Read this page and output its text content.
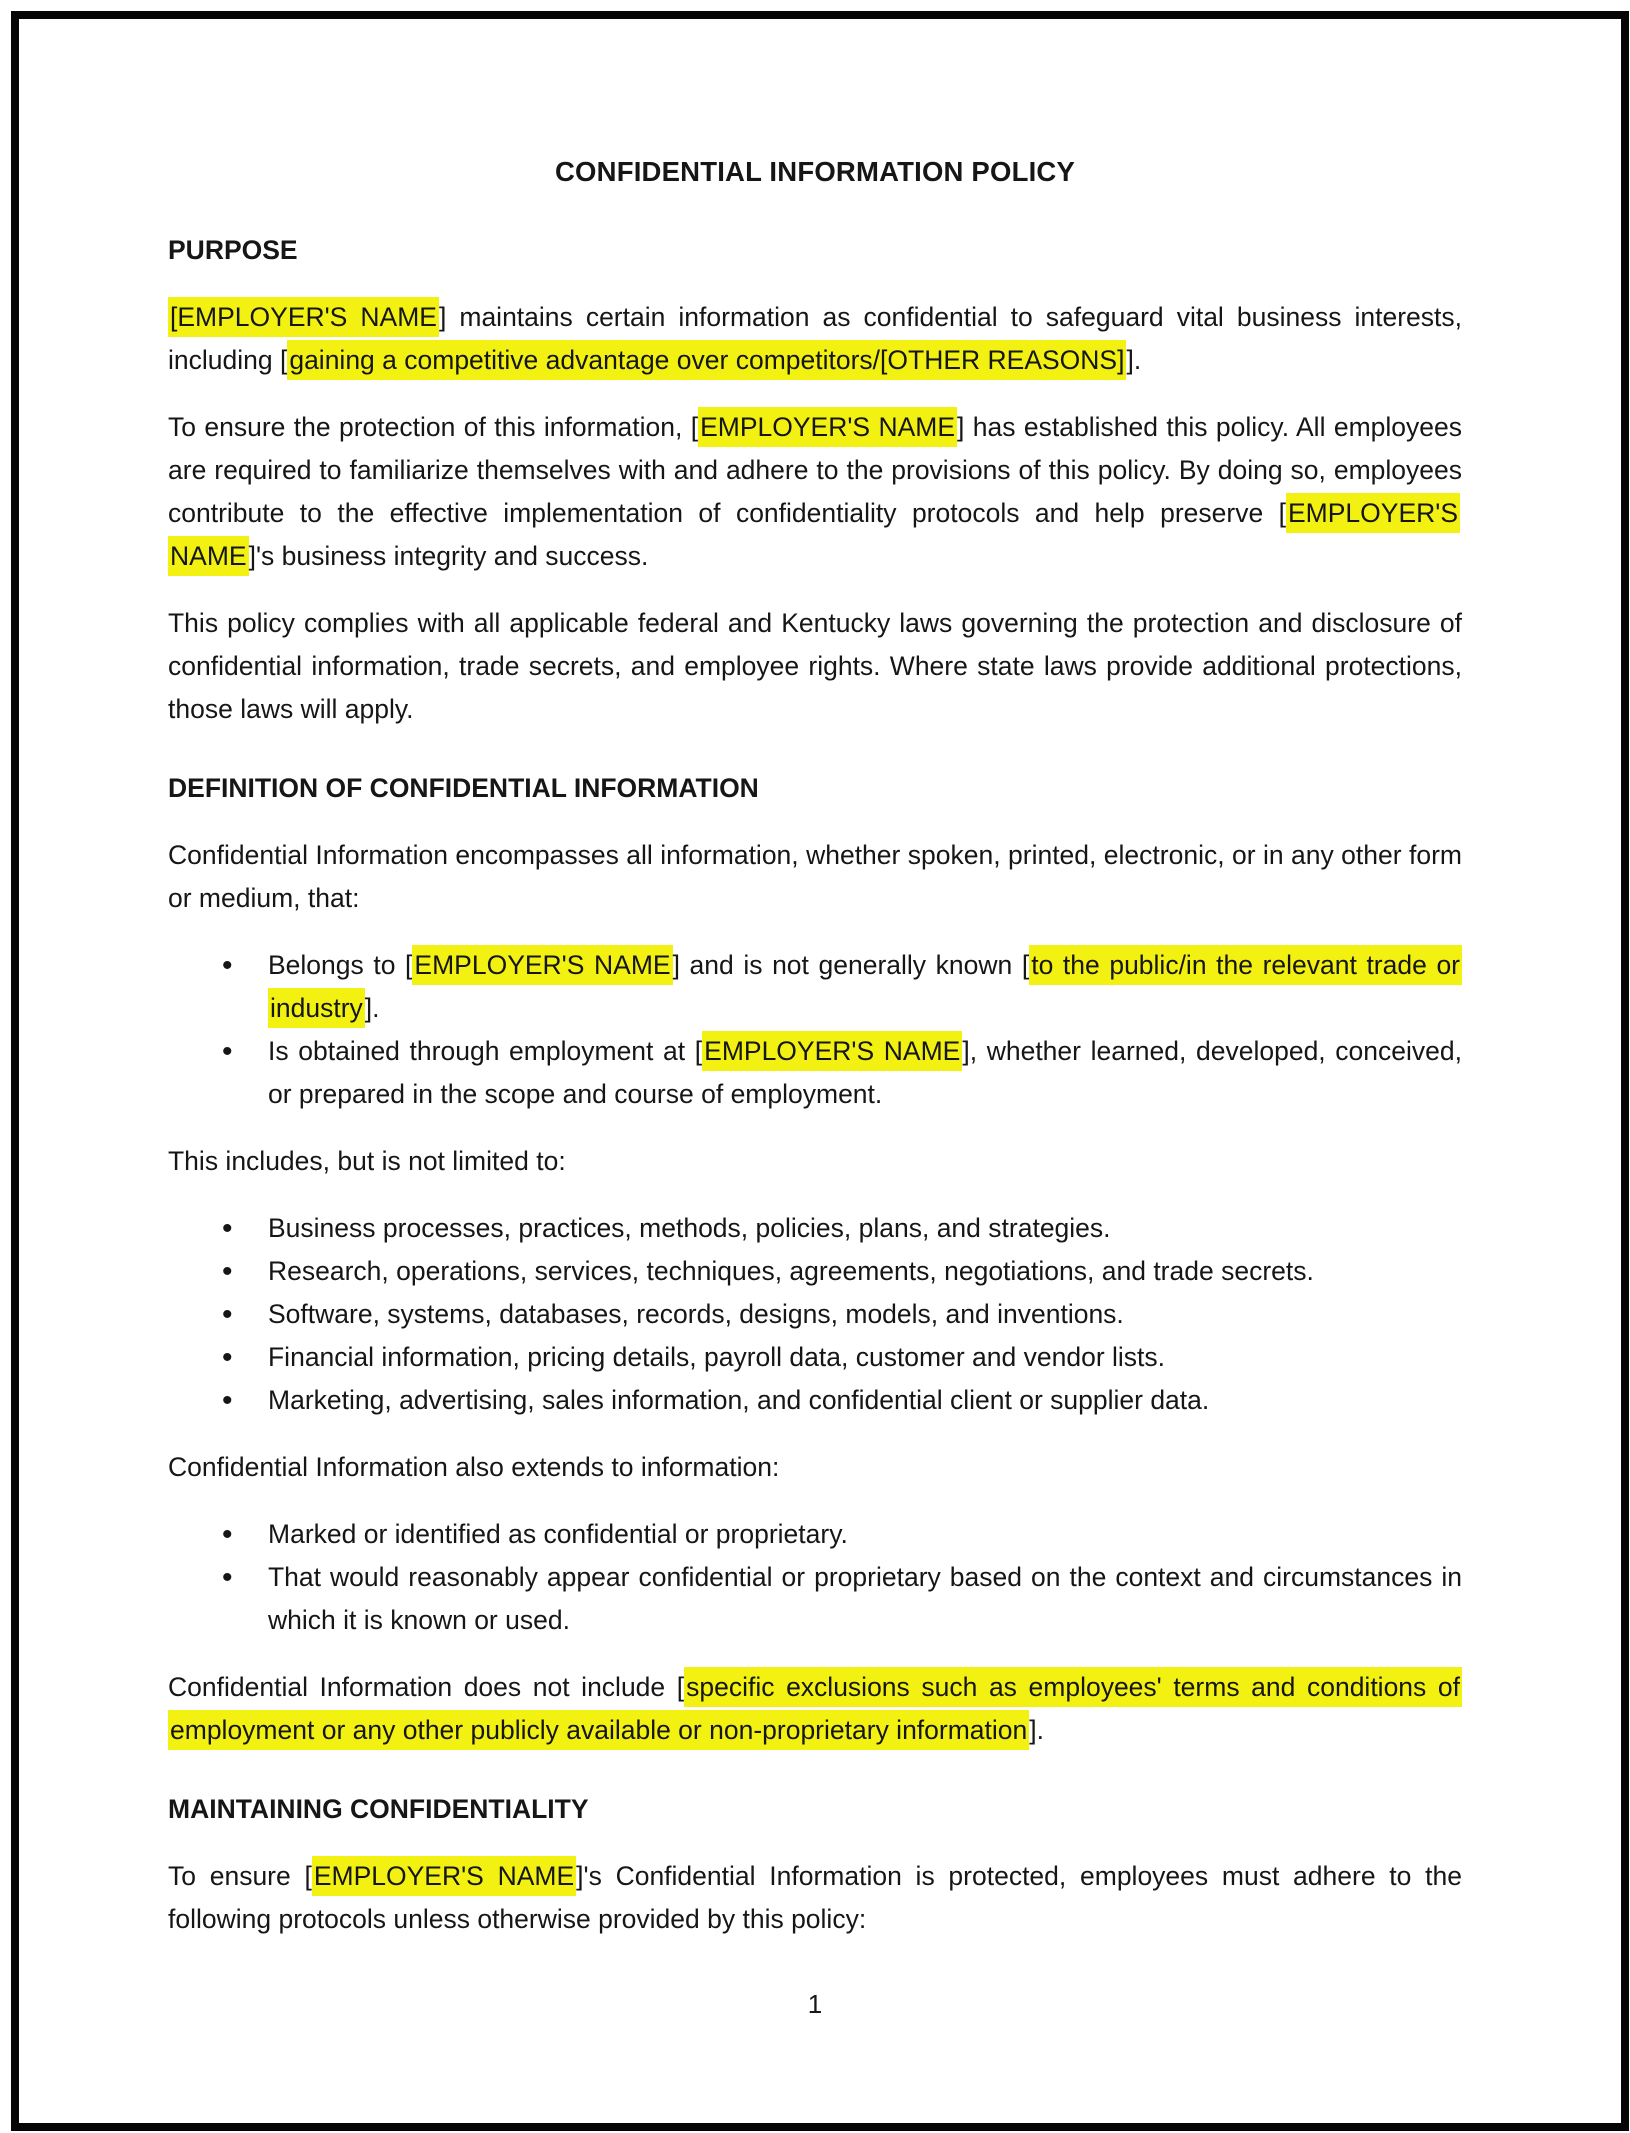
CONFIDENTIAL INFORMATION POLICY
PURPOSE

[EMPLOYER'S NAME] maintains certain information as confidential to safeguard vital business interests, including [gaining a competitive advantage over competitors/[OTHER REASONS]].

To ensure the protection of this information, [EMPLOYER'S NAME] has established this policy. All employees are required to familiarize themselves with and adhere to the provisions of this policy. By doing so, employees contribute to the effective implementation of confidentiality protocols and help preserve [EMPLOYER'S NAME]'s business integrity and success.

This policy complies with all applicable federal and Kentucky laws governing the protection and disclosure of confidential information, trade secrets, and employee rights. Where state laws provide additional protections, those laws will apply.

DEFINITION OF CONFIDENTIAL INFORMATION

Confidential Information encompasses all information, whether spoken, printed, electronic, or in any other form or medium, that:

• Belongs to [EMPLOYER'S NAME] and is not generally known [to the public/in the relevant trade or industry].
• Is obtained through employment at [EMPLOYER'S NAME], whether learned, developed, conceived, or prepared in the scope and course of employment.

This includes, but is not limited to:

• Business processes, practices, methods, policies, plans, and strategies.
• Research, operations, services, techniques, agreements, negotiations, and trade secrets.
• Software, systems, databases, records, designs, models, and inventions.
• Financial information, pricing details, payroll data, customer and vendor lists.
• Marketing, advertising, sales information, and confidential client or supplier data.

Confidential Information also extends to information:

• Marked or identified as confidential or proprietary.
• That would reasonably appear confidential or proprietary based on the context and circumstances in which it is known or used.

Confidential Information does not include [specific exclusions such as employees' terms and conditions of employment or any other publicly available or non-proprietary information].

MAINTAINING CONFIDENTIALITY

To ensure [EMPLOYER'S NAME]'s Confidential Information is protected, employees must adhere to the following protocols unless otherwise provided by this policy:

1
